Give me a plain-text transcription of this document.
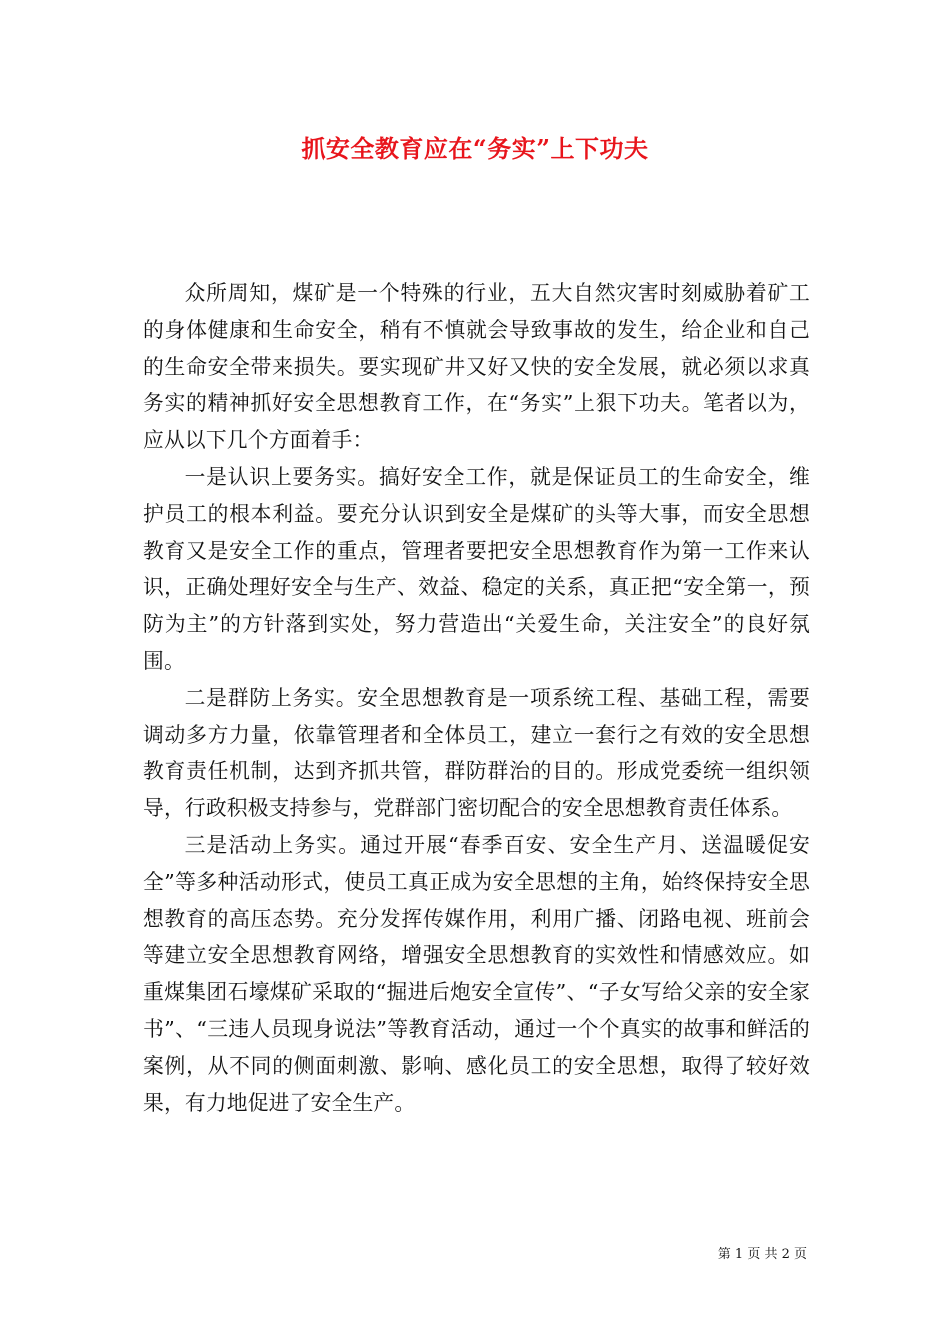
抓安全教育应在“务实”上下功夫

众所周知，煤矿是一个特殊的行业，五大自然灾害时刻威胁着矿工的身体健康和生命安全，稍有不慎就会导致事故的发生，给企业和自己的生命安全带来损失。要实现矿井又好又快的安全发展，就必须以求真务实的精神抓好安全思想教育工作，在“务实”上狠下功夫。笔者以为，应从以下几个方面着手：

一是认识上要务实。搞好安全工作，就是保证员工的生命安全，维护员工的根本利益。要充分认识到安全是煤矿的头等大事，而安全思想教育又是安全工作的重点，管理者要把安全思想教育作为第一工作来认识，正确处理好安全与生产、效益、稳定的关系，真正把“安全第一，预防为主”的方针落到实处，努力营造出“关爱生命，关注安全”的良好氛围。

二是群防上务实。安全思想教育是一项系统工程、基础工程，需要调动多方力量，依靠管理者和全体员工，建立一套行之有效的安全思想教育责任机制，达到齐抓共管，群防群治的目的。形成党委统一组织领导，行政积极支持参与，党群部门密切配合的安全思想教育责任体系。

三是活动上务实。通过开展“春季百安、安全生产月、送温暖促安全”等多种活动形式，使员工真正成为安全思想的主角，始终保持安全思想教育的高压态势。充分发挥传媒作用，利用广播、闭路电视、班前会等建立安全思想教育网络，增强安全思想教育的实效性和情感效应。如重煤集团石壕煤矿采取的“掘进后炮安全宣传”、“子女写给父亲的安全家书”、“三违人员现身说法”等教育活动，通过一个个真实的故事和鲜活的案例，从不同的侧面刺激、影响、感化员工的安全思想，取得了较好效果，有力地促进了安全生产。

第 1 页 共 2 页
